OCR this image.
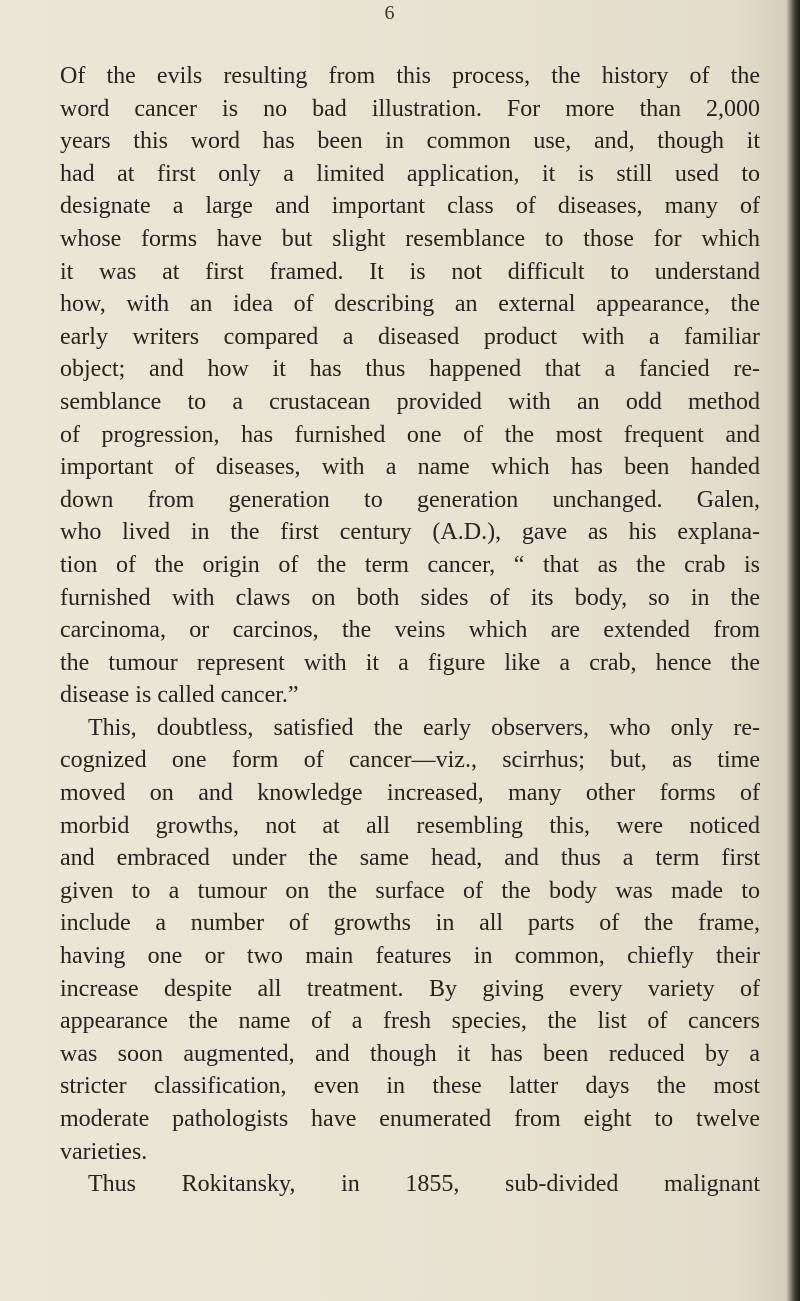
6

Of the evils resulting from this process, the history of the
word cancer is no bad illustration. For more than 2,000
years this word has been in common use, and, though it
had at first only a limited application, it is still used to
designate a large and important class of diseases, many of
whose forms have but slight resemblance to those for which
it was at first framed. It is not difficult to understand
how, with an idea of describing an external appearance, the
early writers compared a diseased product with a familiar
object; and how it has thus happened that a fancied re-
semblance to a crustacean provided with an odd method
of progression, has furnished one of the most frequent and
important of diseases, with a name which has been handed
down from generation to generation unchanged. Galen,
who lived in the first century (A.D.), gave as his explana-
tion of the origin of the term cancer, “ that as the crab is
furnished with claws on both sides of its body, so in the
carcinoma, or carcinos, the veins which are extended from
the tumour represent with it a figure like a crab, hence the
disease is called cancer.”

This, doubtless, satisfied the early observers, who only re-
cognized one form of cancer—viz., scirrhus; but, as time
moved on and knowledge increased, many other forms of
morbid growths, not at all resembling this, were noticed
and embraced under the same head, and thus a term first
given to a tumour on the surface of the body was made to
include a number of growths in all parts of the frame,
having one or two main features in common, chiefly their
increase despite all treatment. By giving every variety of
appearance the name of a fresh species, the list of cancers
was soon augmented, and though it has been reduced by a
stricter classification, even in these latter days the most
moderate pathologists have enumerated from eight to twelve
varieties.

Thus Rokitansky, in 1855, sub-divided malignant
